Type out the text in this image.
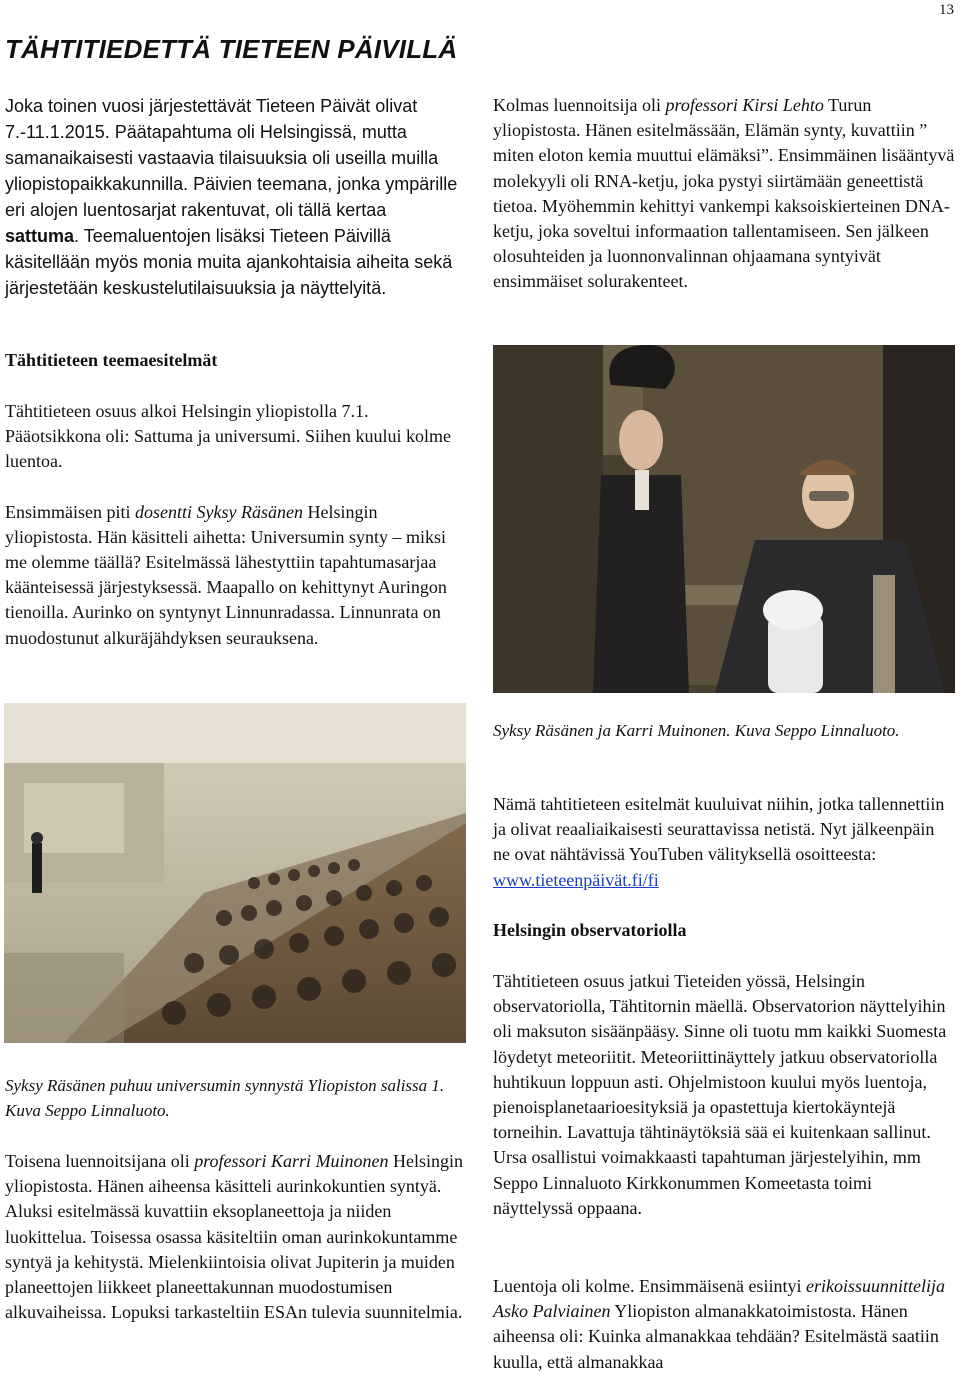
13
TÄHTITIEDETTÄ TIETEEN PÄIVILLÄ
Joka toinen vuosi järjestettävät Tieteen Päivät olivat 7.-11.1.2015. Päätapahtuma oli Helsingissä, mutta samanaikaisesti vastaavia tilaisuuksia oli useilla muilla yliopistopaikkakunnilla. Päivien teemana, jonka ympärille eri alojen luentosarjat rakentuvat, oli tällä kertaa sattuma. Teemaluentojen lisäksi Tieteen Päivillä käsitellään myös monia muita ajankohtaisia aiheita sekä järjestetään keskustelutilaisuuksia ja näyttelyitä.
Tähtitieteen teemaesitelmät

Tähtitieteen osuus alkoi Helsingin yliopistolla 7.1. Pääotsikkona oli: Sattuma ja universumi. Siihen kuului kolme luentoa.

Ensimmäisen piti dosentti Syksy Räsänen Helsingin yliopistosta. Hän käsitteli aihetta: Universumin synty – miksi me olemme täällä? Esitelmässä lähestyttiin tapahtumasarjaa käänteisessä järjestyksessä. Maapallo on kehittynyt Auringon tienoilla. Aurinko on syntynyt Linnunradassa. Linnunrata on muodostunut alkuräjähdyksen seurauksena.

Syksy Räsänen puhuu universumin synnystä Yliopiston salissa 1. Kuva Seppo Linnaluoto.
Toisena luennoitsijana oli professori Karri Muinonen Helsingin yliopistosta. Hänen aiheensa käsitteli aurinkokuntien syntyä. Aluksi esitelmässä kuvattiin eksoplaneettoja ja niiden luokittelua. Toisessa osassa käsiteltiin oman aurinkokuntamme syntyä ja kehitystä. Mielenkiintoisia olivat Jupiterin ja muiden planeettojen liikkeet planeettakunnan muodostumisen alkuvaiheissa. Lopuksi tarkasteltiin ESAn tulevia suunnitelmia.
Kolmas luennoitsija oli professori Kirsi Lehto Turun yliopistosta. Hänen esitelmässään, Elämän synty, kuvattiin ” miten eloton kemia muuttui elämäksi”. Ensimmäinen lisääntyvä molekyyli oli RNA-ketju, joka pystyi siirtämään geneettistä tietoa. Myöhemmin kehittyi vankempi kaksoiskierteinen DNA-ketju, joka soveltui informaation tallentamiseen. Sen jälkeen olosuhteiden ja luonnonvalinnan ohjaamana syntyivät ensimmäiset solurakenteet.
Syksy Räsänen ja Karri Muinonen. Kuva Seppo Linnaluoto.
Nämä tahtitieteen esitelmät kuuluivat niihin, jotka tallennettiin ja olivat reaaliaikaisesti seurattavissa netistä. Nyt jälkeenpäin ne ovat nähtävissä YouTuben välityksellä osoitteesta: www.tieteenpäivät.fi/fi
Helsingin observatoriolla
Tähtitieteen osuus jatkui Tieteiden yössä, Helsingin observatoriolla, Tähtitornin mäellä. Observatorion näyttelyihin oli maksuton sisäänpääsy. Sinne oli tuotu mm kaikki Suomesta löydetyt meteoriitit. Meteoriittinäyttely jatkuu observatoriolla huhtikuun loppuun asti. Ohjelmistoon kuului myös luentoja, pienoisplanetaarioesityksiä ja opastettuja kiertokäyntejä torneihin. Lavattuja tähtinäytöksiä sää ei kuitenkaan sallinut. Ursa osallistui voimakkaasti tapahtuman järjestelyihin, mm Seppo Linnaluoto Kirkkonummen Komeetasta toimi näyttelyssä oppaana.
Luentoja oli kolme. Ensimmäisenä esiintyi erikoissuunnittelija Asko Palviainen Yliopiston almanakkatoimistosta. Hänen aiheensa oli: Kuinka almanakkaa tehdään? Esitelmästä saatiin kuulla, että almanakkaa
